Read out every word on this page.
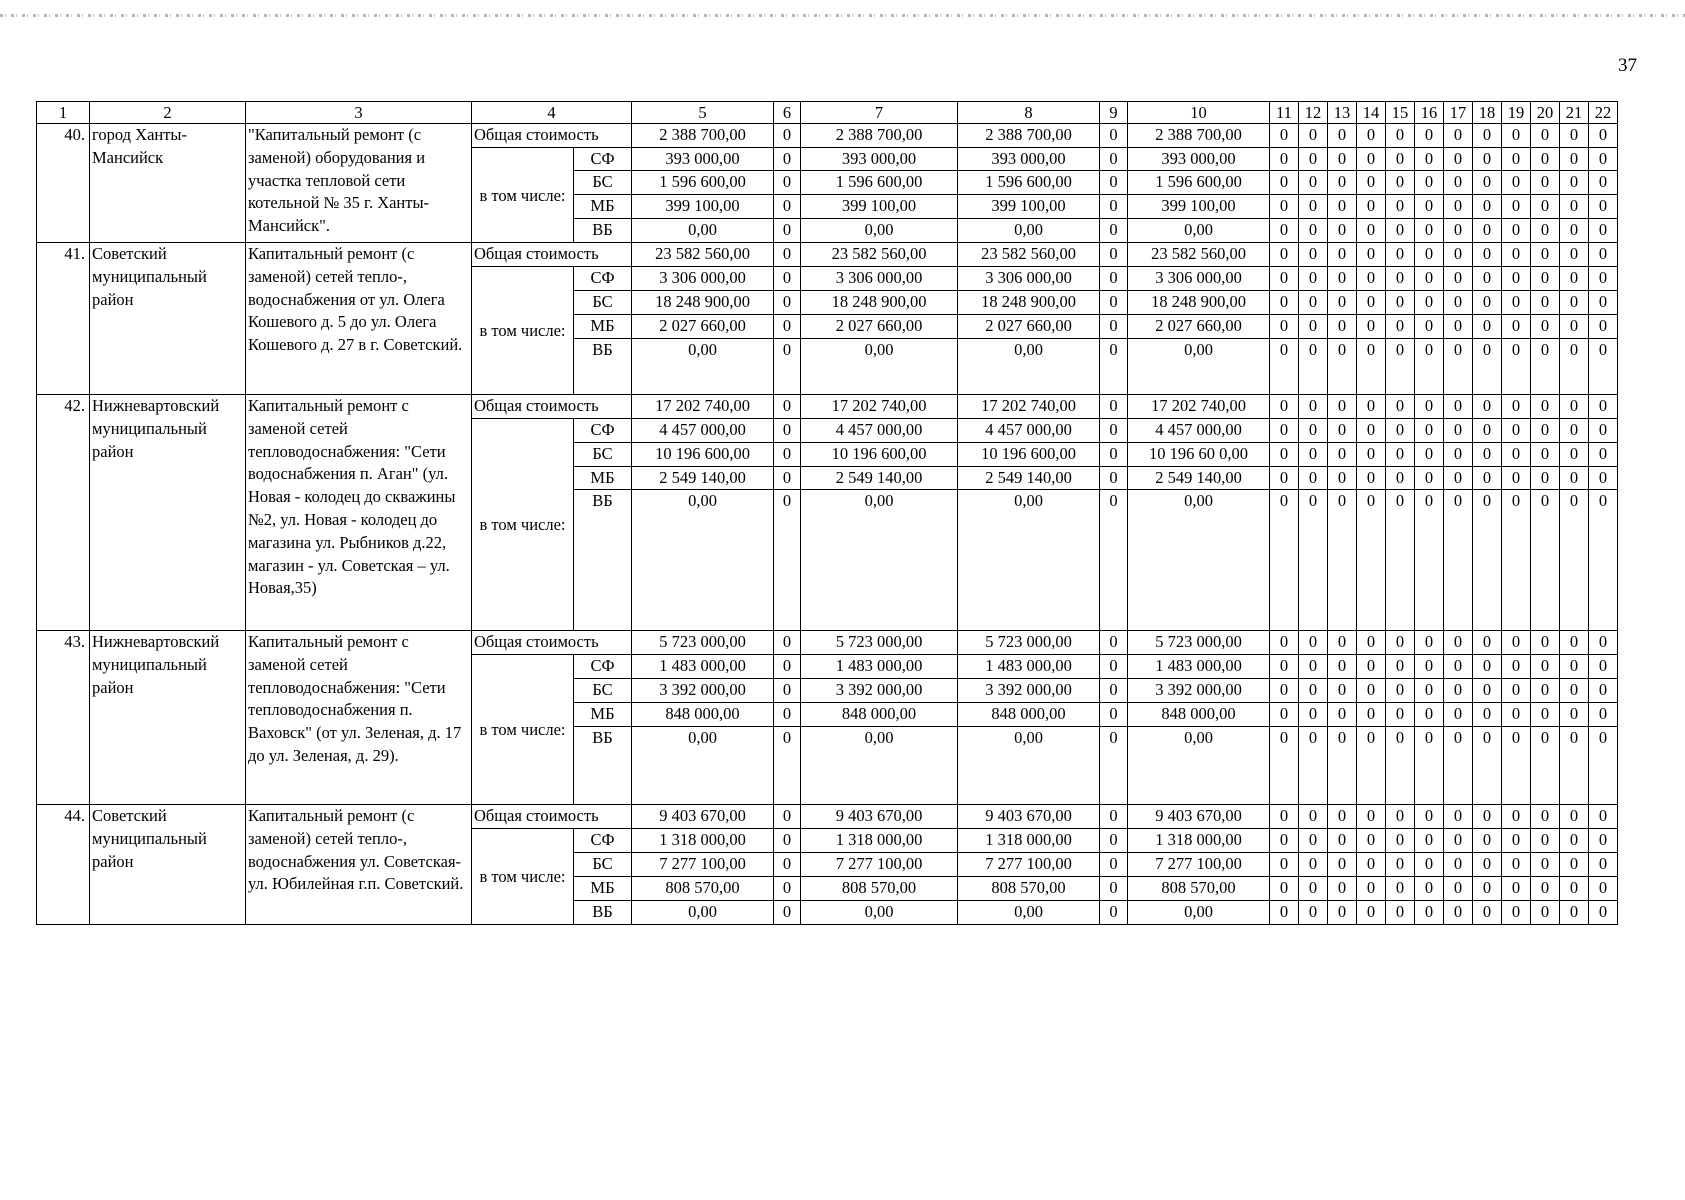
37
1	2	3	4		5	6	7	8	9	10	11	12	13	14	15	16	17	18	19	20	21	22
40.	город Ханты-Мансийск	"Капитальный ремонт (с заменой) оборудования и участка тепловой сети котельной № 35 г. Ханты-Мансийск".	Общая стоимость		2 388 700,00	0	2 388 700,00	2 388 700,00	0	2 388 700,00	0	0	0	0	0	0	0	0	0	0	0	0
			в том числе:	СФ	393 000,00	0	393 000,00	393 000,00	0	393 000,00	0	0	0	0	0	0	0	0	0	0	0	0
				БС	1 596 600,00	0	1 596 600,00	1 596 600,00	0	1 596 600,00	0	0	0	0	0	0	0	0	0	0	0	0
				МБ	399 100,00	0	399 100,00	399 100,00	0	399 100,00	0	0	0	0	0	0	0	0	0	0	0	0
				ВБ	0,00	0	0,00	0,00	0	0,00	0	0	0	0	0	0	0	0	0	0	0	0
41.	Советский муниципальный район	Капитальный ремонт (с заменой) сетей тепло-, водоснабжения от ул. Олега Кошевого д. 5 до ул. Олега Кошевого д. 27 в г. Советский.	Общая стоимость		23 582 560,00	0	23 582 560,00	23 582 560,00	0	23 582 560,00	0	0	0	0	0	0	0	0	0	0	0	0
			в том числе:	СФ	3 306 000,00	0	3 306 000,00	3 306 000,00	0	3 306 000,00	0	0	0	0	0	0	0	0	0	0	0	0
				БС	18 248 900,00	0	18 248 900,00	18 248 900,00	0	18 248 900,00	0	0	0	0	0	0	0	0	0	0	0	0
				МБ	2 027 660,00	0	2 027 660,00	2 027 660,00	0	2 027 660,00	0	0	0	0	0	0	0	0	0	0	0	0
				ВБ	0,00	0	0,00	0,00	0	0,00	0	0	0	0	0	0	0	0	0	0	0	0
42.	Нижневартовский муниципальный район	Капитальный ремонт с заменой сетей тепловодоснабжения: "Сети водоснабжения п. Аган" (ул. Новая - колодец до скважины №2, ул. Новая - колодец до магазина ул. Рыбников д.22, магазин - ул. Советская – ул. Новая,35)	Общая стоимость		17 202 740,00	0	17 202 740,00	17 202 740,00	0	17 202 740,00	0	0	0	0	0	0	0	0	0	0	0	0
			в том числе:	СФ	4 457 000,00	0	4 457 000,00	4 457 000,00	0	4 457 000,00	0	0	0	0	0	0	0	0	0	0	0	0
				БС	10 196 600,00	0	10 196 600,00	10 196 600,00	0	10 196 60 0,00	0	0	0	0	0	0	0	0	0	0	0	0
				МБ	2 549 140,00	0	2 549 140,00	2 549 140,00	0	2 549 140,00	0	0	0	0	0	0	0	0	0	0	0	0
				ВБ	0,00	0	0,00	0,00	0	0,00	0	0	0	0	0	0	0	0	0	0	0	0
43.	Нижневартовский муниципальный район	Капитальный ремонт с заменой сетей тепловодоснабжения: "Сети тепловодоснабжения п. Ваховск" (от ул. Зеленая, д. 17 до ул. Зеленая, д. 29).	Общая стоимость		5 723 000,00	0	5 723 000,00	5 723 000,00	0	5 723 000,00	0	0	0	0	0	0	0	0	0	0	0	0
			в том числе:	СФ	1 483 000,00	0	1 483 000,00	1 483 000,00	0	1 483 000,00	0	0	0	0	0	0	0	0	0	0	0	0
				БС	3 392 000,00	0	3 392 000,00	3 392 000,00	0	3 392 000,00	0	0	0	0	0	0	0	0	0	0	0	0
				МБ	848 000,00	0	848 000,00	848 000,00	0	848 000,00	0	0	0	0	0	0	0	0	0	0	0	0
				ВБ	0,00	0	0,00	0,00	0	0,00	0	0	0	0	0	0	0	0	0	0	0	0
44.	Советский муниципальный район	Капитальный ремонт (с заменой) сетей тепло-, водоснабжения ул. Советская- ул. Юбилейная г.п. Советский.	Общая стоимость		9 403 670,00	0	9 403 670,00	9 403 670,00	0	9 403 670,00	0	0	0	0	0	0	0	0	0	0	0	0
			в том числе:	СФ	1 318 000,00	0	1 318 000,00	1 318 000,00	0	1 318 000,00	0	0	0	0	0	0	0	0	0	0	0	0
				БС	7 277 100,00	0	7 277 100,00	7 277 100,00	0	7 277 100,00	0	0	0	0	0	0	0	0	0	0	0	0
				МБ	808 570,00	0	808 570,00	808 570,00	0	808 570,00	0	0	0	0	0	0	0	0	0	0	0	0
				ВБ	0,00	0	0,00	0,00	0	0,00	0	0	0	0	0	0	0	0	0	0	0	0
